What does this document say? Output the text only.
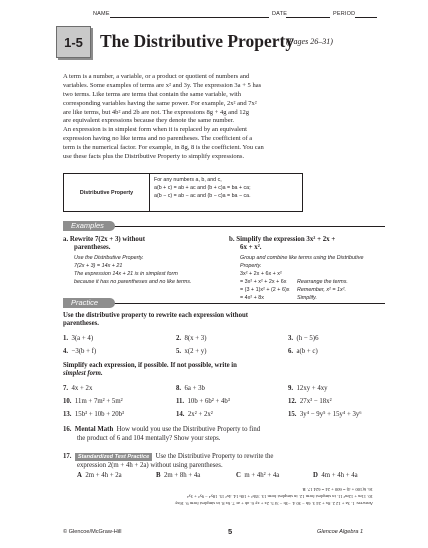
NAME	DATE	PERIOD
1-5 The Distributive Property
(Pages 26–31)
A term is a number, a variable, or a product or quotient of numbers and
variables. Some examples of terms are x² and 3y. The expression 3a + 5 has
two terms. Like terms are terms that contain the same variable, with
corresponding variables having the same power. For example, 2x² and 7x²
are like terms, but 4b² and 2b are not. The expressions 8g + 4g and 12g
are equivalent expressions because they denote the same number.
An expression is in simplest form when it is replaced by an equivalent
expression having no like terms and no parentheses. The coefficient of a
term is the numerical factor. For example, in 8g, 8 is the coefficient. You can
use these facts plus the Distributive Property to simplify expressions.
Distributive Property
For any numbers a, b, and c,
a(b + c) = ab + ac and (b + c)a = ba + ca;
a(b − c) = ab − ac and (b − c)a = ba − ca.
Examples
a. Rewrite 7(2x + 3) without
parentheses.
Use the Distributive Property.
7(2x + 3) = 14x + 21
The expression 14x + 21 is in simplest form
because it has no parentheses and no like terms.
b. Simplify the expression 3x² + 2x +
6x + x².
Group and combine like terms using the Distributive
Property.
3x² + 2x + 6x + x²
= 3x² + x² + 2x + 6x Rearrange the terms.
= (3 + 1)x² + (2 + 6)x Remember, x² = 1x².
= 4x² + 8x	Simplify.
Practice
Use the distributive property to rewrite each expression without
parentheses.
1. 3(a + 4)	2. 8(x + 3)	3. (h − 5)6
4. −3(b + f)	5. x(2 + y)	6. a(b + c)
Simplify each expression, if possible. If not possible, write in
simplest form.
7. 4x + 2x	8. 6a + 3b	9. 12xy + 4xy
10. 11m + 7m² + 5m²	11. 10b + 6b² + 4b³	12. 27x³ − 18x²
13. 15b³ + 10b + 20b³	14. 2x² + 2x²	15. 3y⁴ − 9y⁵ + 15y⁴ + 3y⁶
16. Mental Math How would you use the Distributive Property to find
the product of 6 and 104 mentally? Show your steps.
17. Standardized Test Practice Use the Distributive Property to rewrite the
expression 2(m + 4h + 2a) without using parentheses.
A 2m + 4h + 2a	B 2m + 8h + 4a	C m + 4h² + 4a	D 4m + 4h + 4a
Answers: 1. 3a + 12 2. 8x + 24 3. 6h − 30 4. −3b − 3f 5. 2x + xy 6. ab + ac 7. 6x 8. in simplest form 9. 16xy
10. 11m + 12m² 11. in simplest form 12. in simplest form 13. 35b³ + 10b 14. 4x² 15. 18y⁴ − 9y⁵ + 3y⁶
16. 6(100 + 4) = 600 + 24 = 624 17. B
© Glencoe/McGraw-Hill	5	Glencoe Algebra 1
